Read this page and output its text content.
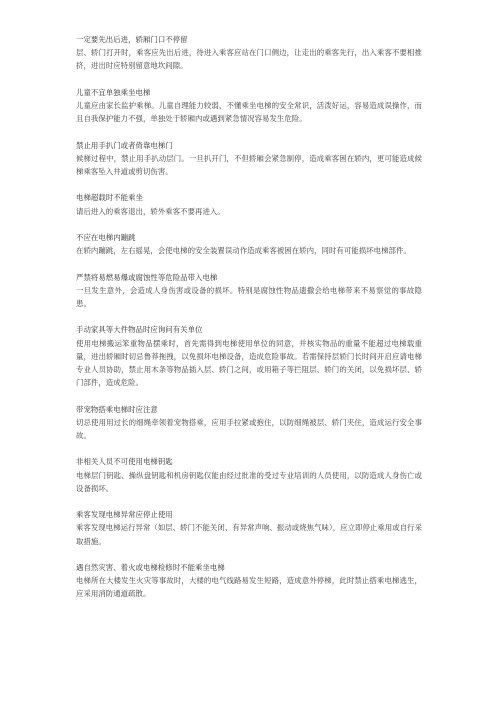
一定要先出后进，轿厢门口不停留
层、轿门打开时，乘客应先出后进，待进入乘客应站在门口侧边，让走出的乘客先行，出入乘客不要相推挤，进出时应特别留意地坎间隙。
儿童不宜单独乘坐电梯
儿童应由家长监护乘梯。儿童自理能力较弱，不懂乘坐电梯的安全常识，活泼好运，容易造成误操作，而且自我保护能力不强，单独处于轿厢内或遇到紧急情况容易发生危险。
禁止用手扒门或者倚靠电梯门
候梯过程中，禁止用手扒动层门。一旦扒开门，不但轿厢会紧急制停，造成乘客困在轿内，更可能造成候梯乘客坠入井道或剪切伤害。
电梯超载时不能乘坐
请后进入的乘客退出，轿外乘客不要再进入。
不应在电梯内蹦跳
在轿内蹦跳，左右摇晃，会使电梯的安全装置误动作造成乘客被困在轿内，同时有可能损坏电梯部件。
严禁将易燃易爆或腐蚀性等危险品带入电梯
一旦发生意外，会造成人身伤害或设备的损坏。特别是腐蚀性物品遗撒会给电梯带来不易察觉的事故隐患。
手动家具等大件物品时应询问有关单位
使用电梯搬运笨重物品摆乘时，首先需得到电梯使用单位的同意，并核实物品的重量不能超过电梯载重量，进出轿厢时切忌鲁莽拖拽，以免损坏电梯设备，造成危险事故。若需保持层轿门长时间开启应请电梯专业人员协助，禁止用木条等物品插入层、轿门之间，或用箱子等拦阻层、轿门的关闭，以免损坏层、轿门部件，造成危险。
带宠物搭乘电梯时应注意
切忌使用用过长的细绳牵领着宠物搭乘，应用手拉紧或抱住，以防细绳被层、轿门夹住，造成运行安全事故。
非相关人员不可使用电梯钥匙
电梯层门钥匙、操纵盘钥匙和机房钥匙仅能由经过批准的受过专业培训的人员使用，以防造成人身伤亡或设备损坏。
乘客发现电梯异常应停止使用
乘客发现电梯运行异常（如层、轿门不能关闭、有异常声响、振动或烧焦气味），应立即停止乘用或自行采取措施。
遇自然灾害、着火或电梯检修时不能乘坐电梯
电梯所在大楼发生火灾等事故时，大楼的电气线路易发生短路，造成意外停梯，此时禁止搭乘电梯逃生，应采用消防通道疏散。
